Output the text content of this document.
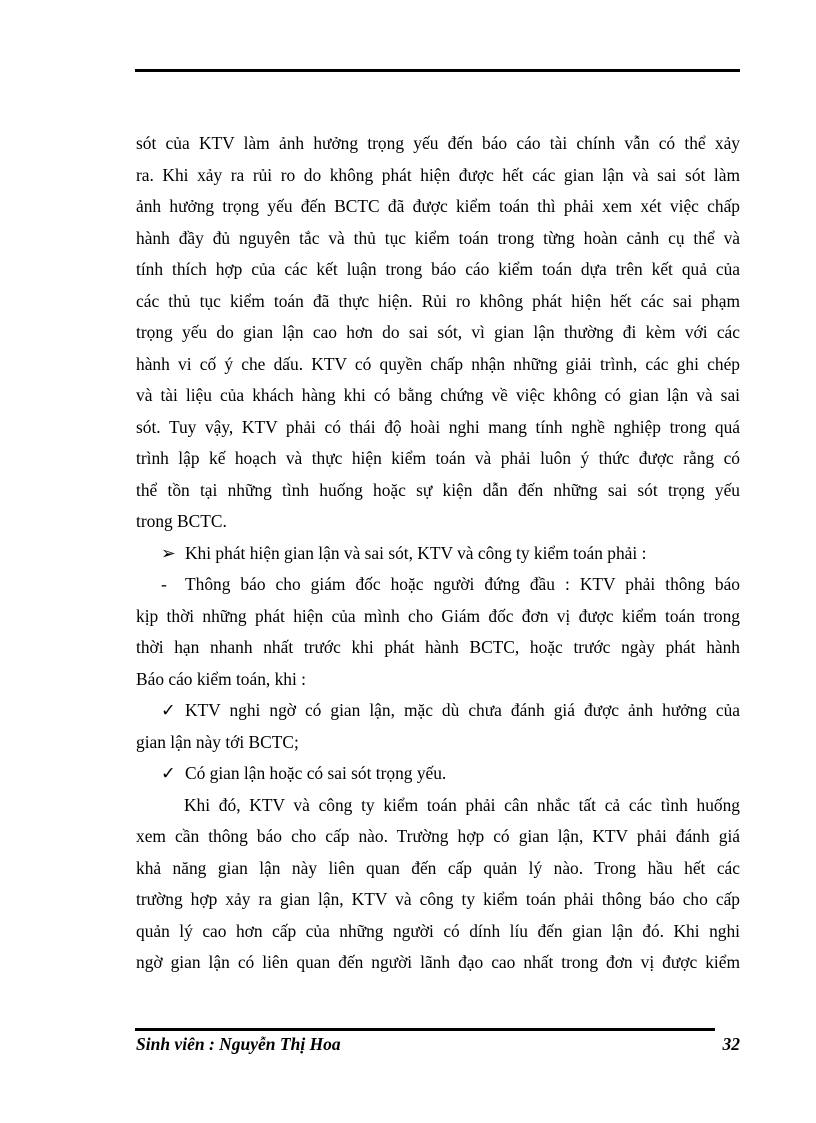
sót của KTV làm ảnh hưởng trọng yếu đến báo cáo tài chính vẫn có thể xảy

ra. Khi xảy ra rủi ro do không phát hiện được hết các gian lận và sai sót làm

ảnh hưởng trọng yếu đến BCTC đã được kiểm toán thì phải xem xét việc chấp

hành đầy đủ nguyên tắc và thủ tục kiểm toán trong từng hoàn cảnh cụ thể và

tính thích hợp của các kết luận trong báo cáo kiểm toán dựa trên kết quả của

các thủ tục kiểm toán đã thực hiện. Rủi ro không phát hiện hết các sai phạm

trọng yếu do gian lận cao hơn do sai sót, vì gian lận thường đi kèm với các

hành vi cố ý che dấu. KTV có quyền chấp nhận những giải trình, các ghi chép

và tài liệu của khách hàng khi có bằng chứng về việc không có gian lận và sai

sót. Tuy vậy, KTV phải có thái độ hoài nghi mang tính nghề nghiệp trong quá

trình lập kế hoạch và thực hiện kiểm toán và phải luôn ý thức được rằng có

thể tồn tại những tình huống hoặc sự kiện dẫn đến những sai sót trọng yếu

trong BCTC.

➢ Khi phát hiện gian lận và sai sót, KTV và công ty kiểm toán phải :
-	Thông báo cho giám đốc hoặc người đứng đầu : KTV phải thông báo

kịp thời những phát hiện của mình cho Giám đốc đơn vị được kiểm toán trong

thời hạn nhanh nhất trước khi phát hành BCTC, hoặc trước ngày phát hành

Báo cáo kiểm toán, khi :

✓ KTV nghi ngờ có gian lận, mặc dù chưa đánh giá được ảnh hưởng của

gian lận này tới BCTC;

✓ Có gian lận hoặc có sai sót trọng yếu.

Khi đó, KTV và công ty kiểm toán phải cân nhắc tất cả các tình huống

xem cần thông báo cho cấp nào. Trường hợp có gian lận, KTV phải đánh giá

khả năng gian lận này liên quan đến cấp quản lý nào. Trong hầu hết các

trường hợp xảy ra gian lận, KTV và công ty kiểm toán phải thông báo cho cấp

quản lý cao hơn cấp của những người có dính líu đến gian lận đó. Khi nghi

ngờ gian lận có liên quan đến người lãnh đạo cao nhất trong đơn vị được kiểm

Sinh viên : Nguyễn Thị Hoa	32
